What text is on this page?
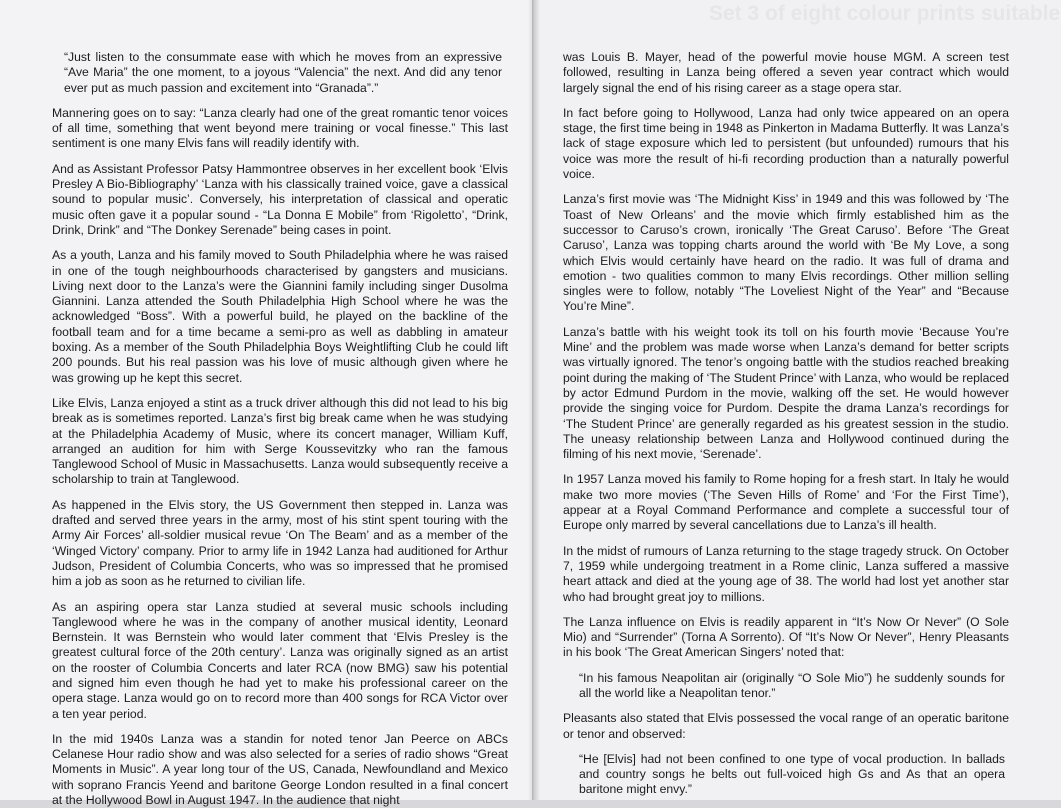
“Just listen to the consummate ease with which he moves from an expressive “Ave Maria” the one moment, to a joyous “Valencia” the next. And did any tenor ever put as much passion and excitement into “Granada”.”

Mannering goes on to say: “Lanza clearly had one of the great romantic tenor voices of all time, something that went beyond mere training or vocal finesse.” This last sentiment is one many Elvis fans will readily identify with.

And as Assistant Professor Patsy Hammontree observes in her excellent book ‘Elvis Presley A Bio-Bibliography’ ‘Lanza with his classically trained voice, gave a classical sound to popular music’. Conversely, his interpretation of classical and operatic music often gave it a popular sound - “La Donna E Mobile” from ‘Rigoletto’, “Drink, Drink, Drink” and “The Donkey Serenade” being cases in point.

As a youth, Lanza and his family moved to South Philadelphia where he was raised in one of the tough neighbourhoods characterised by gangsters and musicians. Living next door to the Lanza’s were the Giannini family including singer Dusolma Giannini. Lanza attended the South Philadelphia High School where he was the acknowledged “Boss”. With a powerful build, he played on the backline of the football team and for a time became a semi-pro as well as dabbling in amateur boxing. As a member of the South Philadelphia Boys Weightlifting Club he could lift 200 pounds. But his real passion was his love of music although given where he was growing up he kept this secret.

Like Elvis, Lanza enjoyed a stint as a truck driver although this did not lead to his big break as is sometimes reported. Lanza’s first big break came when he was studying at the Philadelphia Academy of Music, where its concert manager, William Kuff, arranged an audition for him with Serge Koussevitzky who ran the famous Tanglewood School of Music in Massachusetts. Lanza would subsequently receive a scholarship to train at Tanglewood.

As happened in the Elvis story, the US Government then stepped in. Lanza was drafted and served three years in the army, most of his stint spent touring with the Army Air Forces’ all-soldier musical revue ‘On The Beam’ and as a member of the ‘Winged Victory’ company. Prior to army life in 1942 Lanza had auditioned for Arthur Judson, President of Columbia Concerts, who was so impressed that he promised him a job as soon as he returned to civilian life.

As an aspiring opera star Lanza studied at several music schools including Tanglewood where he was in the company of another musical identity, Leonard Bernstein. It was Bernstein who would later comment that ‘Elvis Presley is the greatest cultural force of the 20th century’. Lanza was originally signed as an artist on the rooster of Columbia Concerts and later RCA (now BMG) saw his potential and signed him even though he had yet to make his professional career on the opera stage. Lanza would go on to record more than 400 songs for RCA Victor over a ten year period.

In the mid 1940s Lanza was a standin for noted tenor Jan Peerce on ABCs Celanese Hour radio show and was also selected for a series of radio shows “Great Moments in Music”. A year long tour of the US, Canada, Newfoundland and Mexico with soprano Francis Yeend and baritone George London resulted in a final concert at the Hollywood Bowl in August 1947. In the audience that night

Set 3 of eight colour prints suitable

was Louis B. Mayer, head of the powerful movie house MGM. A screen test followed, resulting in Lanza being offered a seven year contract which would largely signal the end of his rising career as a stage opera star.

In fact before going to Hollywood, Lanza had only twice appeared on an opera stage, the first time being in 1948 as Pinkerton in Madama Butterfly. It was Lanza’s lack of stage exposure which led to persistent (but unfounded) rumours that his voice was more the result of hi-fi recording production than a naturally powerful voice.

Lanza’s first movie was ‘The Midnight Kiss’ in 1949 and this was followed by ‘The Toast of New Orleans’ and the movie which firmly established him as the successor to Caruso’s crown, ironically ‘The Great Caruso’. Before ‘The Great Caruso’, Lanza was topping charts around the world with ‘Be My Love, a song which Elvis would certainly have heard on the radio. It was full of drama and emotion - two qualities common to many Elvis recordings. Other million selling singles were to follow, notably “The Loveliest Night of the Year” and “Because You’re Mine”.

Lanza’s battle with his weight took its toll on his fourth movie ‘Because You’re Mine’ and the problem was made worse when Lanza’s demand for better scripts was virtually ignored. The tenor’s ongoing battle with the studios reached breaking point during the making of ‘The Student Prince’ with Lanza, who would be replaced by actor Edmund Purdom in the movie, walking off the set. He would however provide the singing voice for Purdom. Despite the drama Lanza’s recordings for ‘The Student Prince’ are generally regarded as his greatest session in the studio. The uneasy relationship between Lanza and Hollywood continued during the filming of his next movie, ‘Serenade’.

In 1957 Lanza moved his family to Rome hoping for a fresh start. In Italy he would make two more movies (‘The Seven Hills of Rome’ and ‘For the First Time’), appear at a Royal Command Performance and complete a successful tour of Europe only marred by several cancellations due to Lanza’s ill health.

In the midst of rumours of Lanza returning to the stage tragedy struck. On October 7, 1959 while undergoing treatment in a Rome clinic, Lanza suffered a massive heart attack and died at the young age of 38. The world had lost yet another star who had brought great joy to millions.

The Lanza influence on Elvis is readily apparent in “It’s Now Or Never” (O Sole Mio) and “Surrender” (Torna A Sorrento). Of “It’s Now Or Never”, Henry Pleasants in his book ‘The Great American Singers’ noted that:

“In his famous Neapolitan air (originally “O Sole Mio”) he suddenly sounds for all the world like a Neapolitan tenor.”

Pleasants also stated that Elvis possessed the vocal range of an operatic baritone or tenor and observed:

“He [Elvis] had not been confined to one type of vocal production. In ballads and country songs he belts out full-voiced high Gs and As that an opera baritone might envy.”
